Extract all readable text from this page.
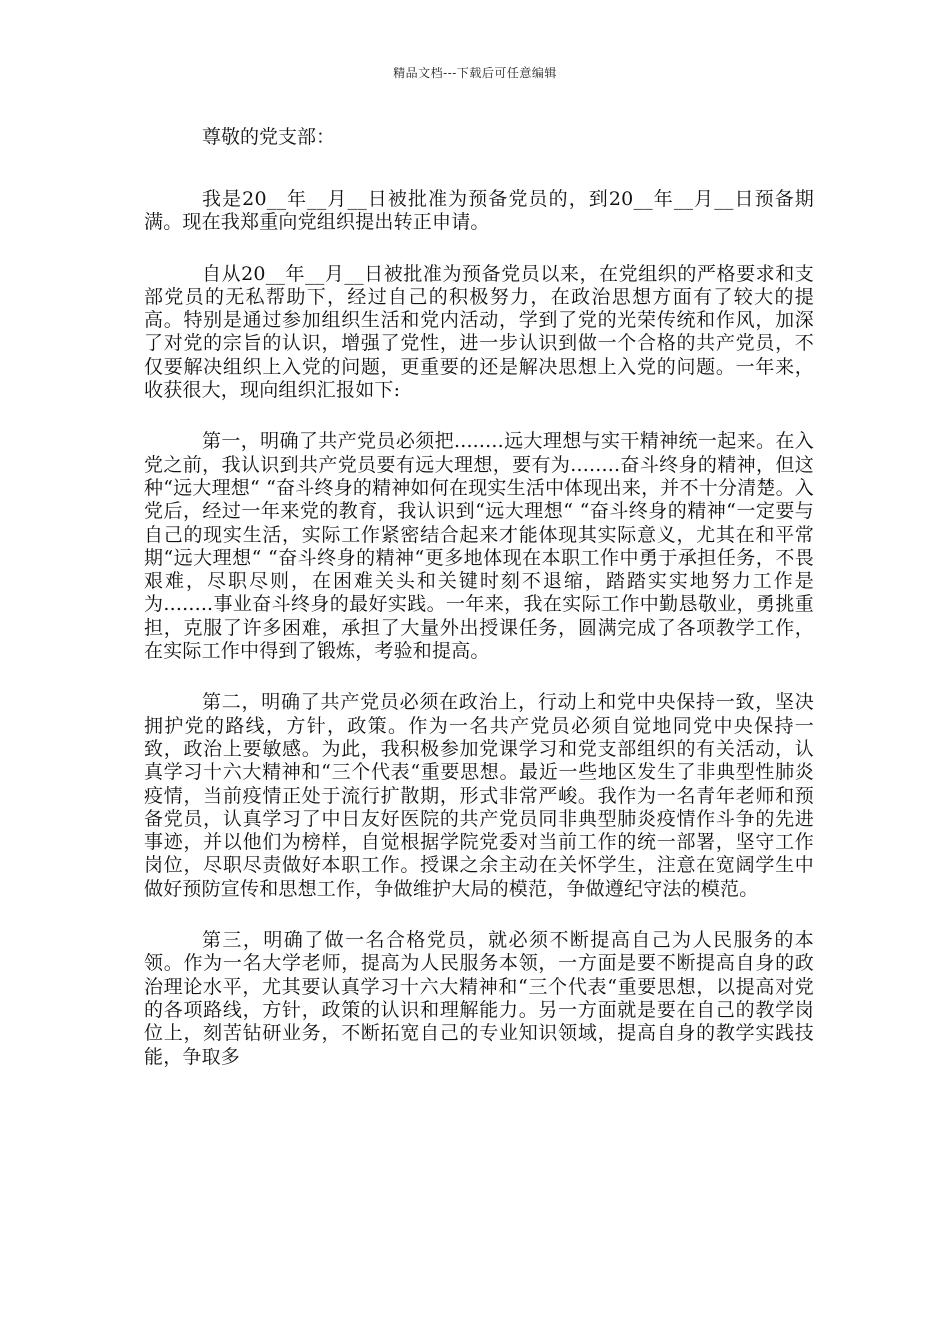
精品文档---下载后可任意编辑

尊敬的党支部：

我是20__年__月__日被批准为预备党员的，到20__年__月__日预备期满。现在我郑重向党组织提出转正申请。

自从20__年__月__日被批准为预备党员以来，在党组织的严格要求和支部党员的无私帮助下，经过自己的积极努力，在政治思想方面有了较大的提高。特别是通过参加组织生活和党内活动，学到了党的光荣传统和作风，加深了对党的宗旨的认识，增强了党性，进一步认识到做一个合格的共产党员，不仅要解决组织上入党的问题，更重要的还是解决思想上入党的问题。一年来，收获很大，现向组织汇报如下:

第一，明确了共产党员必须把........远大理想与实干精神统一起来。在入党之前，我认识到共产党员要有远大理想，要有为........奋斗终身的精神，但这种“远大理想“ “奋斗终身的精神如何在现实生活中体现出来，并不十分清楚。入党后，经过一年来党的教育，我认识到“远大理想“ “奋斗终身的精神“一定要与自己的现实生活，实际工作紧密结合起来才能体现其实际意义，尤其在和平常期“远大理想“ “奋斗终身的精神“更多地体现在本职工作中勇于承担任务，不畏艰难，尽职尽则，在困难关头和关键时刻不退缩，踏踏实实地努力工作是为........事业奋斗终身的最好实践。一年来，我在实际工作中勤恳敬业，勇挑重担，克服了许多困难，承担了大量外出授课任务，圆满完成了各项教学工作，在实际工作中得到了锻炼，考验和提高。

第二，明确了共产党员必须在政治上，行动上和党中央保持一致，坚决拥护党的路线，方针，政策。作为一名共产党员必须自觉地同党中央保持一致，政治上要敏感。为此，我积极参加党课学习和党支部组织的有关活动，认真学习十六大精神和“三个代表“重要思想。最近一些地区发生了非典型性肺炎疫情，当前疫情正处于流行扩散期，形式非常严峻。我作为一名青年老师和预备党员，认真学习了中日友好医院的共产党员同非典型肺炎疫情作斗争的先进事迹，并以他们为榜样，自觉根据学院党委对当前工作的统一部署，坚守工作岗位，尽职尽责做好本职工作。授课之余主动在关怀学生，注意在宽阔学生中做好预防宣传和思想工作，争做维护大局的模范，争做遵纪守法的模范。

第三，明确了做一名合格党员，就必须不断提高自己为人民服务的本领。作为一名大学老师，提高为人民服务本领，一方面是要不断提高自身的政治理论水平，尤其要认真学习十六大精神和“三个代表“重要思想，以提高对党的各项路线，方针，政策的认识和理解能力。另一方面就是要在自己的教学岗位上，刻苦钻研业务，不断拓宽自己的专业知识领域，提高自身的教学实践技能，争取多
